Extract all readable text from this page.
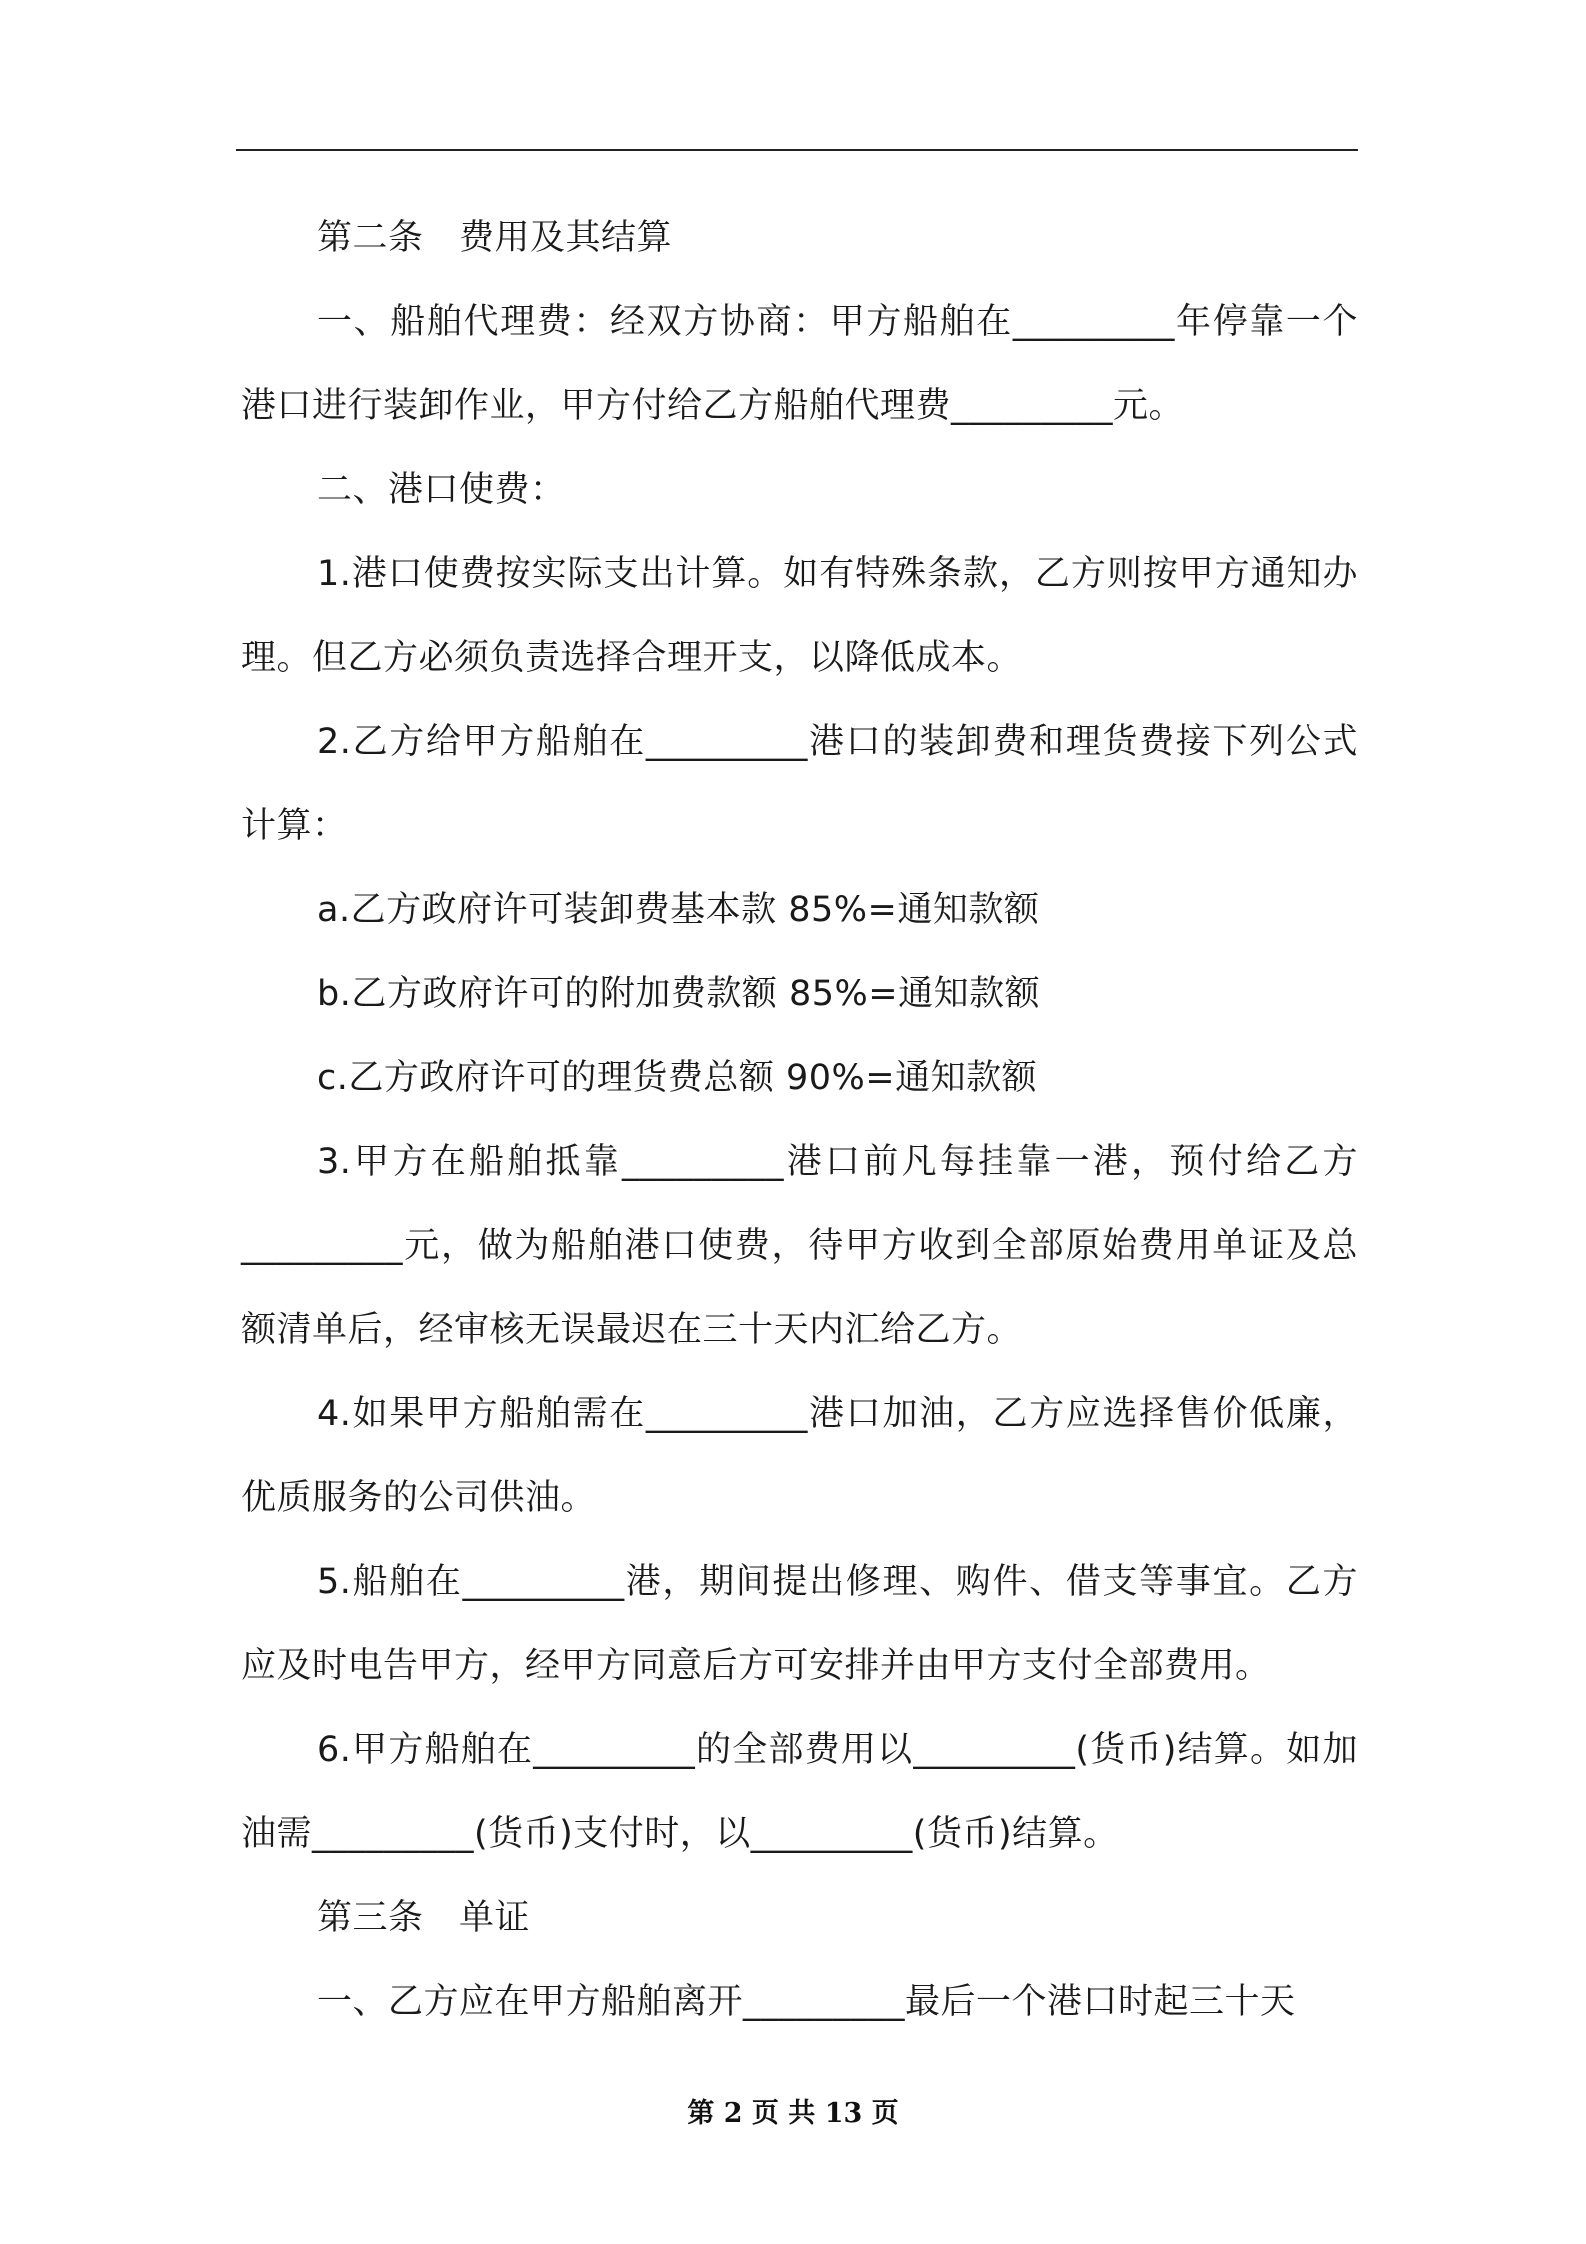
第二条　费用及其结算

一、船舶代理费：经双方协商：甲方船舶在_________年停靠一个港口进行装卸作业，甲方付给乙方船舶代理费_________元。

二、港口使费：

1.港口使费按实际支出计算。如有特殊条款，乙方则按甲方通知办理。但乙方必须负责选择合理开支，以降低成本。

2.乙方给甲方船舶在_________港口的装卸费和理货费接下列公式计算：

a.乙方政府许可装卸费基本款 85%=通知款额

b.乙方政府许可的附加费款额 85%=通知款额

c.乙方政府许可的理货费总额 90%=通知款额

3.甲方在船舶抵靠_________港口前凡每挂靠一港，预付给乙方_________元，做为船舶港口使费，待甲方收到全部原始费用单证及总额清单后，经审核无误最迟在三十天内汇给乙方。

4.如果甲方船舶需在_________港口加油，乙方应选择售价低廉，优质服务的公司供油。

5.船舶在_________港，期间提出修理、购件、借支等事宜。乙方应及时电告甲方，经甲方同意后方可安排并由甲方支付全部费用。

6.甲方船舶在_________的全部费用以_________(货币)结算。如加油需_________(货币)支付时，以_________(货币)结算。

第三条　单证

一、乙方应在甲方船舶离开_________最后一个港口时起三十天

第 2 页 共 13 页
